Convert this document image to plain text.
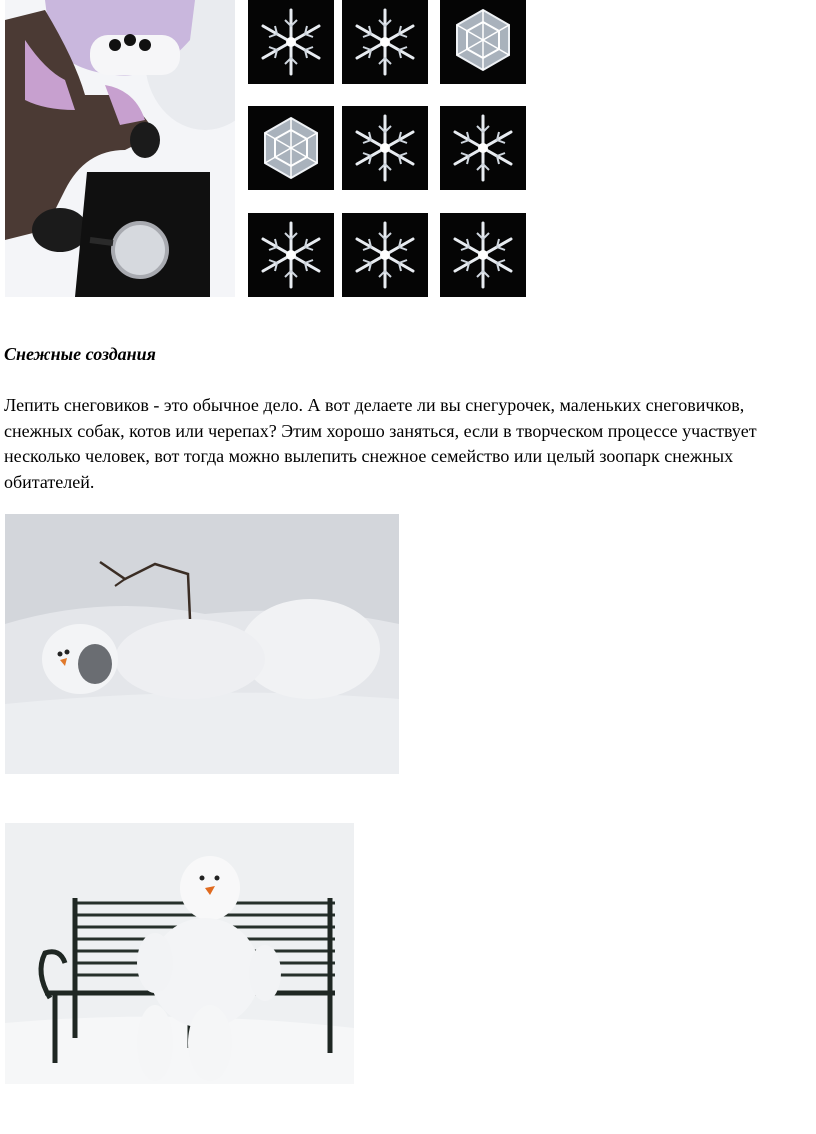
Снежные создания

Лепить снеговиков - это обычное дело. А вот делаете ли вы снегурочек, маленьких снеговичков, снежных собак, котов или черепах? Этим хорошо заняться, если в творческом процессе участвует несколько человек, вот тогда можно вылепить снежное семейство или целый зоопарк снежных обитателей.
